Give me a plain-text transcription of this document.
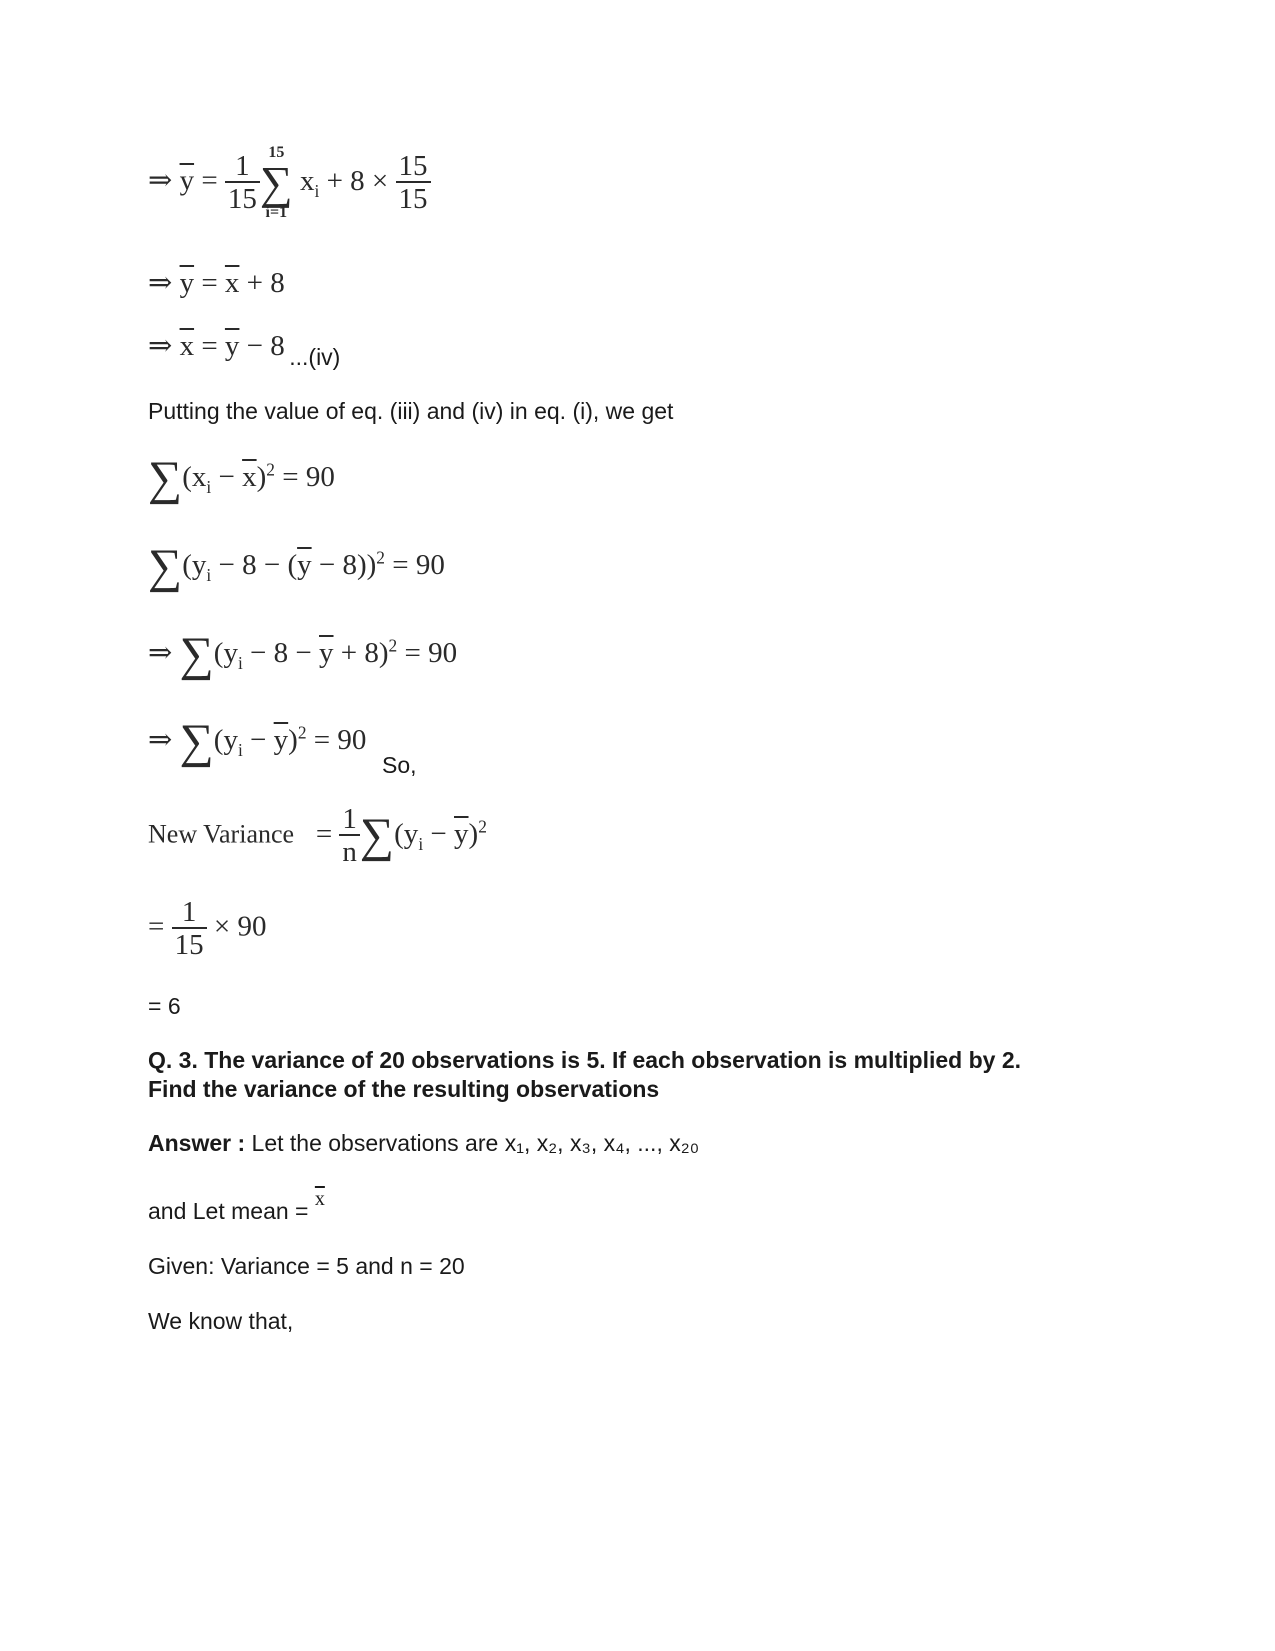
⇒ $\overline{y} = \frac{1}{15} 15$
∑
i=1
$x_i + 8 \times \frac{15}{15}$
⇒ $\overline{y} = \overline{x} + 8$
⇒ $\overline{x} = \overline{y} - 8$ ...(iv)
Putting the value of eq. (iii) and (iv) in eq. (i), we get
$\sum(x_i - \overline{x})^2 = 90$
$\sum(y_i - 8 - (\overline{y} - 8))^2 = 90$
⇒ $\sum(y_i - 8 - \overline{y} + 8)^2 = 90$
⇒ $\sum(y_i - \overline{y})^2 = 90$
So,
New Variance   = $\frac{1}{n} \sum(y_i - \overline{y})^2$
= $\frac{1}{15} \times 90$
= 6
Q. 3. The variance of 20 observations is 5. If each observation is multiplied by 2.
Find the variance of the resulting observations
Answer : Let the observations are x₁, x₂, x₃, x₄, ..., x₂₀
and Let mean = $\overline{x}$
Given: Variance = 5 and n = 20
We know that,
